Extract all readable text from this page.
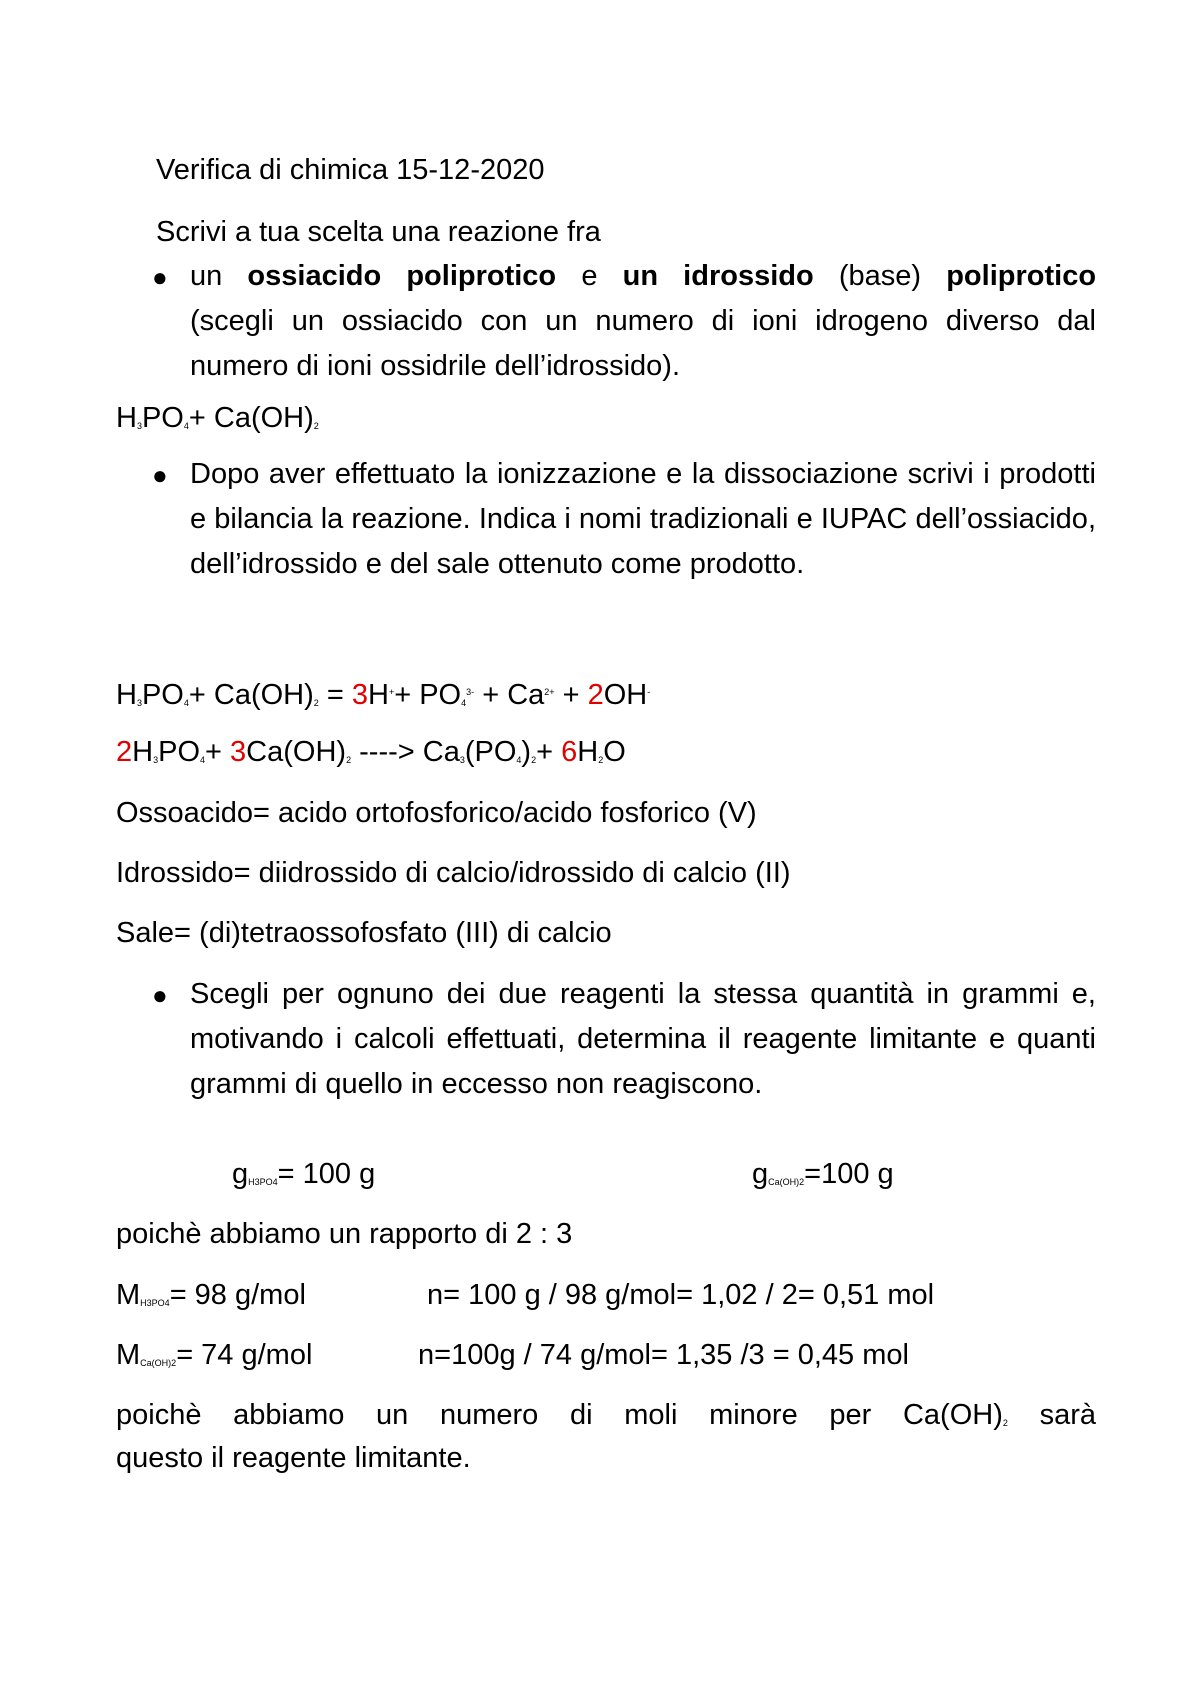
Verifica di chimica 15-12-2020
Scrivi a tua scelta una reazione fra
● un ossiacido poliprotico e un idrossido (base) poliprotico
(scegli un ossiacido con un numero di ioni idrogeno diverso dal numero di ioni ossidrile dell’idrossido).
$H_3PO_4+ Ca(OH)_2$
● Dopo aver effettuato la ionizzazione e la dissociazione scrivi i prodotti e bilancia la reazione. Indica i nomi tradizionali e IUPAC dell’ossiacido, dell’idrossido e del sale ottenuto come prodotto.
$H_3PO_4+ Ca(OH)_2 = 3H^++ PO_4^{3-} + Ca^{2+} + 2OH^-$
$2H_3PO_4+ 3Ca(OH)_2$ ----> $Ca_3(PO_4)_2+ 6H_2O$
Ossoacido= acido ortofosforico/acido fosforico (V)
Idrossido= diidrossido di calcio/idrossido di calcio (II)
Sale= (di)tetraossofosfato (III) di calcio
● Scegli per ognuno dei due reagenti la stessa quantità in grammi e, motivando i calcoli effettuati, determina il reagente limitante e quanti grammi di quello in eccesso non reagiscono.
$g_{H3PO4}= 100$ g	$g_{Ca(OH)2}=100$ g
poichè abbiamo un rapporto di 2 : 3
$M_{H3PO4}= 98$ g/mol	n= 100 g / 98 g/mol= 1,02 / 2= 0,51 mol
$M_{Ca(OH)2}= 74$ g/mol	n=100g / 74 g/mol= 1,35 /3 = 0,45 mol
poichè abbiamo un numero di moli minore per $Ca(OH)_2$ sarà
questo il reagente limitante.
